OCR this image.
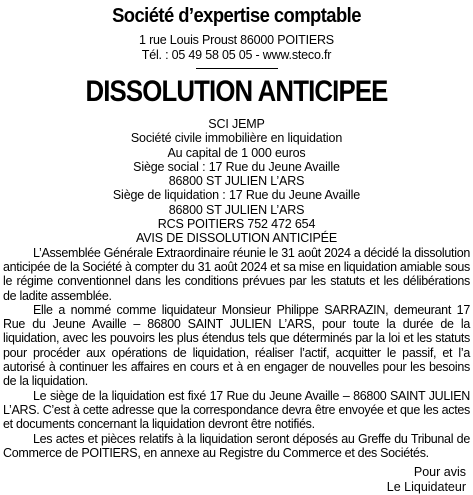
Société d’expertise comptable
1 rue Louis Proust 86000 POITIERS
Tél. : 05 49 58 05 05 - www.steco.fr
DISSOLUTION ANTICIPEE
SCI JEMP
Société civile immobilière en liquidation
Au capital de 1 000 euros
Siège social : 17 Rue du Jeune Availle
86800 ST JULIEN L’ARS
Siège de liquidation : 17 Rue du Jeune Availle
86800 ST JULIEN L’ARS
RCS POITIERS 752 472 654
AVIS DE DISSOLUTION ANTICIPÉE

L’Assemblée Générale Extraordinaire réunie le 31 août 2024 a décidé la dissolution anticipée de la Société à compter du 31 août 2024 et sa mise en liquidation amiable sous le régime conventionnel dans les conditions prévues par les statuts et les délibérations de ladite assemblée.

Elle a nommé comme liquidateur Monsieur Philippe SARRAZIN, demeurant 17 Rue du Jeune Availle – 86800 SAINT JULIEN L’ARS, pour toute la durée de la liquidation, avec les pouvoirs les plus étendus tels que déterminés par la loi et les statuts pour procéder aux opérations de liquidation, réaliser l’actif, acquitter le passif, et l’a autorisé à continuer les affaires en cours et à en engager de nouvelles pour les besoins de la liquidation.

Le siège de la liquidation est fixé 17 Rue du Jeune Availle – 86800 SAINT JULIEN L’ARS. C’est à cette adresse que la correspondance devra être envoyée et que les actes et documents concernant la liquidation devront être notifiés.

Les actes et pièces relatifs à la liquidation seront déposés au Greffe du Tribunal de Commerce de POITIERS, en annexe au Registre du Commerce et des Sociétés.

Pour avis
Le Liquidateur
